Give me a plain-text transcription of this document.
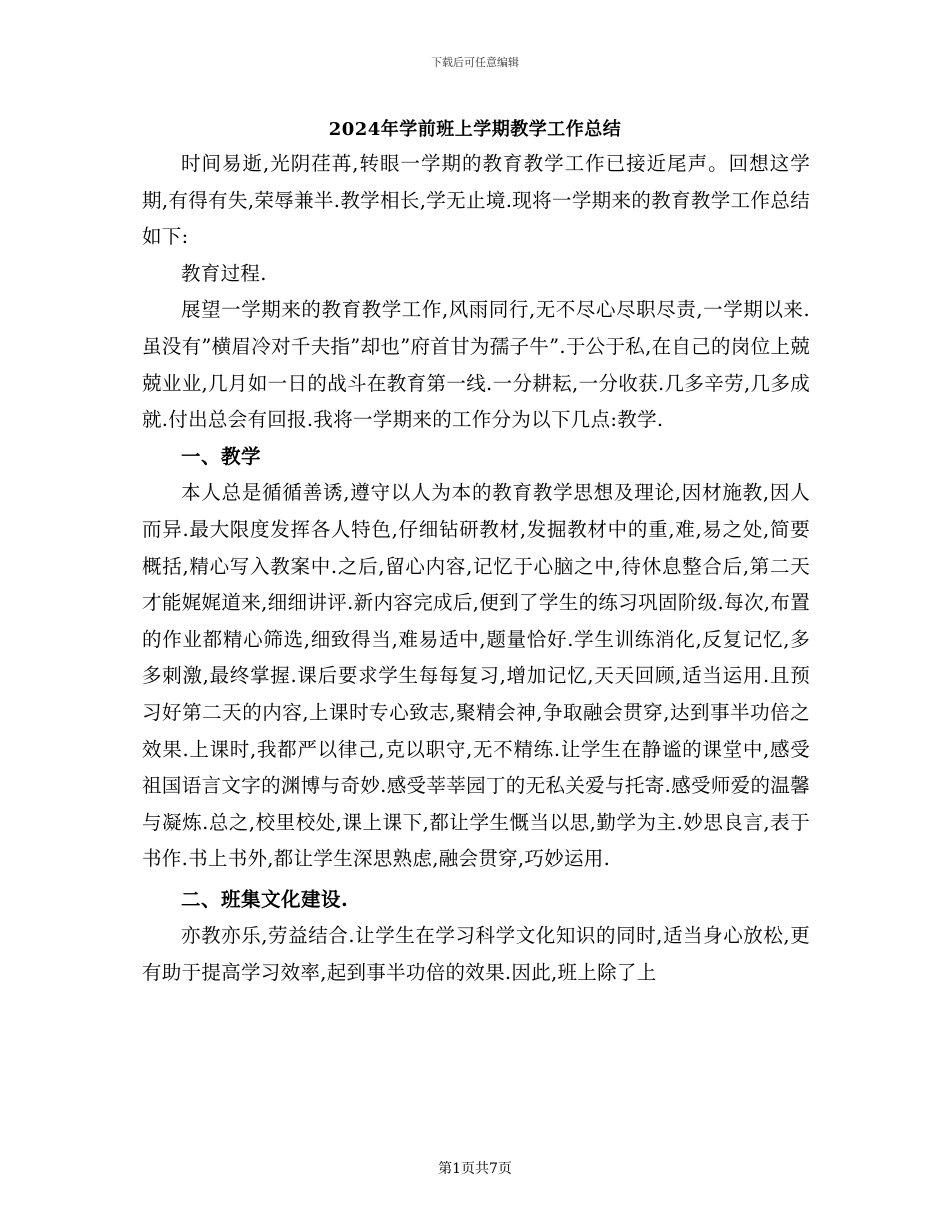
下载后可任意编辑
2024年学前班上学期教学工作总结

时间易逝,光阴荏苒,转眼一学期的教育教学工作已接近尾声。回想这学期,有得有失,荣辱兼半.教学相长,学无止境.现将一学期来的教育教学工作总结如下:

教育过程.

展望一学期来的教育教学工作,风雨同行,无不尽心尽职尽责,一学期以来.虽没有”横眉冷对千夫指”却也”府首甘为孺子牛”.于公于私,在自己的岗位上兢兢业业,几月如一日的战斗在教育第一线.一分耕耘,一分收获.几多辛劳,几多成就.付出总会有回报.我将一学期来的工作分为以下几点:教学.

一、教学

本人总是循循善诱,遵守以人为本的教育教学思想及理论,因材施教,因人而异.最大限度发挥各人特色,仔细钻研教材,发掘教材中的重,难,易之处,简要概括,精心写入教案中.之后,留心内容,记忆于心脑之中,待休息整合后,第二天才能娓娓道来,细细讲评.新内容完成后,便到了学生的练习巩固阶级.每次,布置的作业都精心筛选,细致得当,难易适中,题量恰好.学生训练消化,反复记忆,多多刺激,最终掌握.课后要求学生每每复习,增加记忆,天天回顾,适当运用.且预习好第二天的内容,上课时专心致志,聚精会神,争取融会贯穿,达到事半功倍之效果.上课时,我都严以律己,克以职守,无不精练.让学生在静谧的课堂中,感受祖国语言文字的渊博与奇妙.感受莘莘园丁的无私关爱与托寄.感受师爱的温馨与凝炼.总之,校里校处,课上课下,都让学生慨当以思,勤学为主.妙思良言,表于书作.书上书外,都让学生深思熟虑,融会贯穿,巧妙运用.

二、班集文化建设.

亦教亦乐,劳益结合.让学生在学习科学文化知识的同时,适当身心放松,更有助于提高学习效率,起到事半功倍的效果.因此,班上除了上

第1页共7页
